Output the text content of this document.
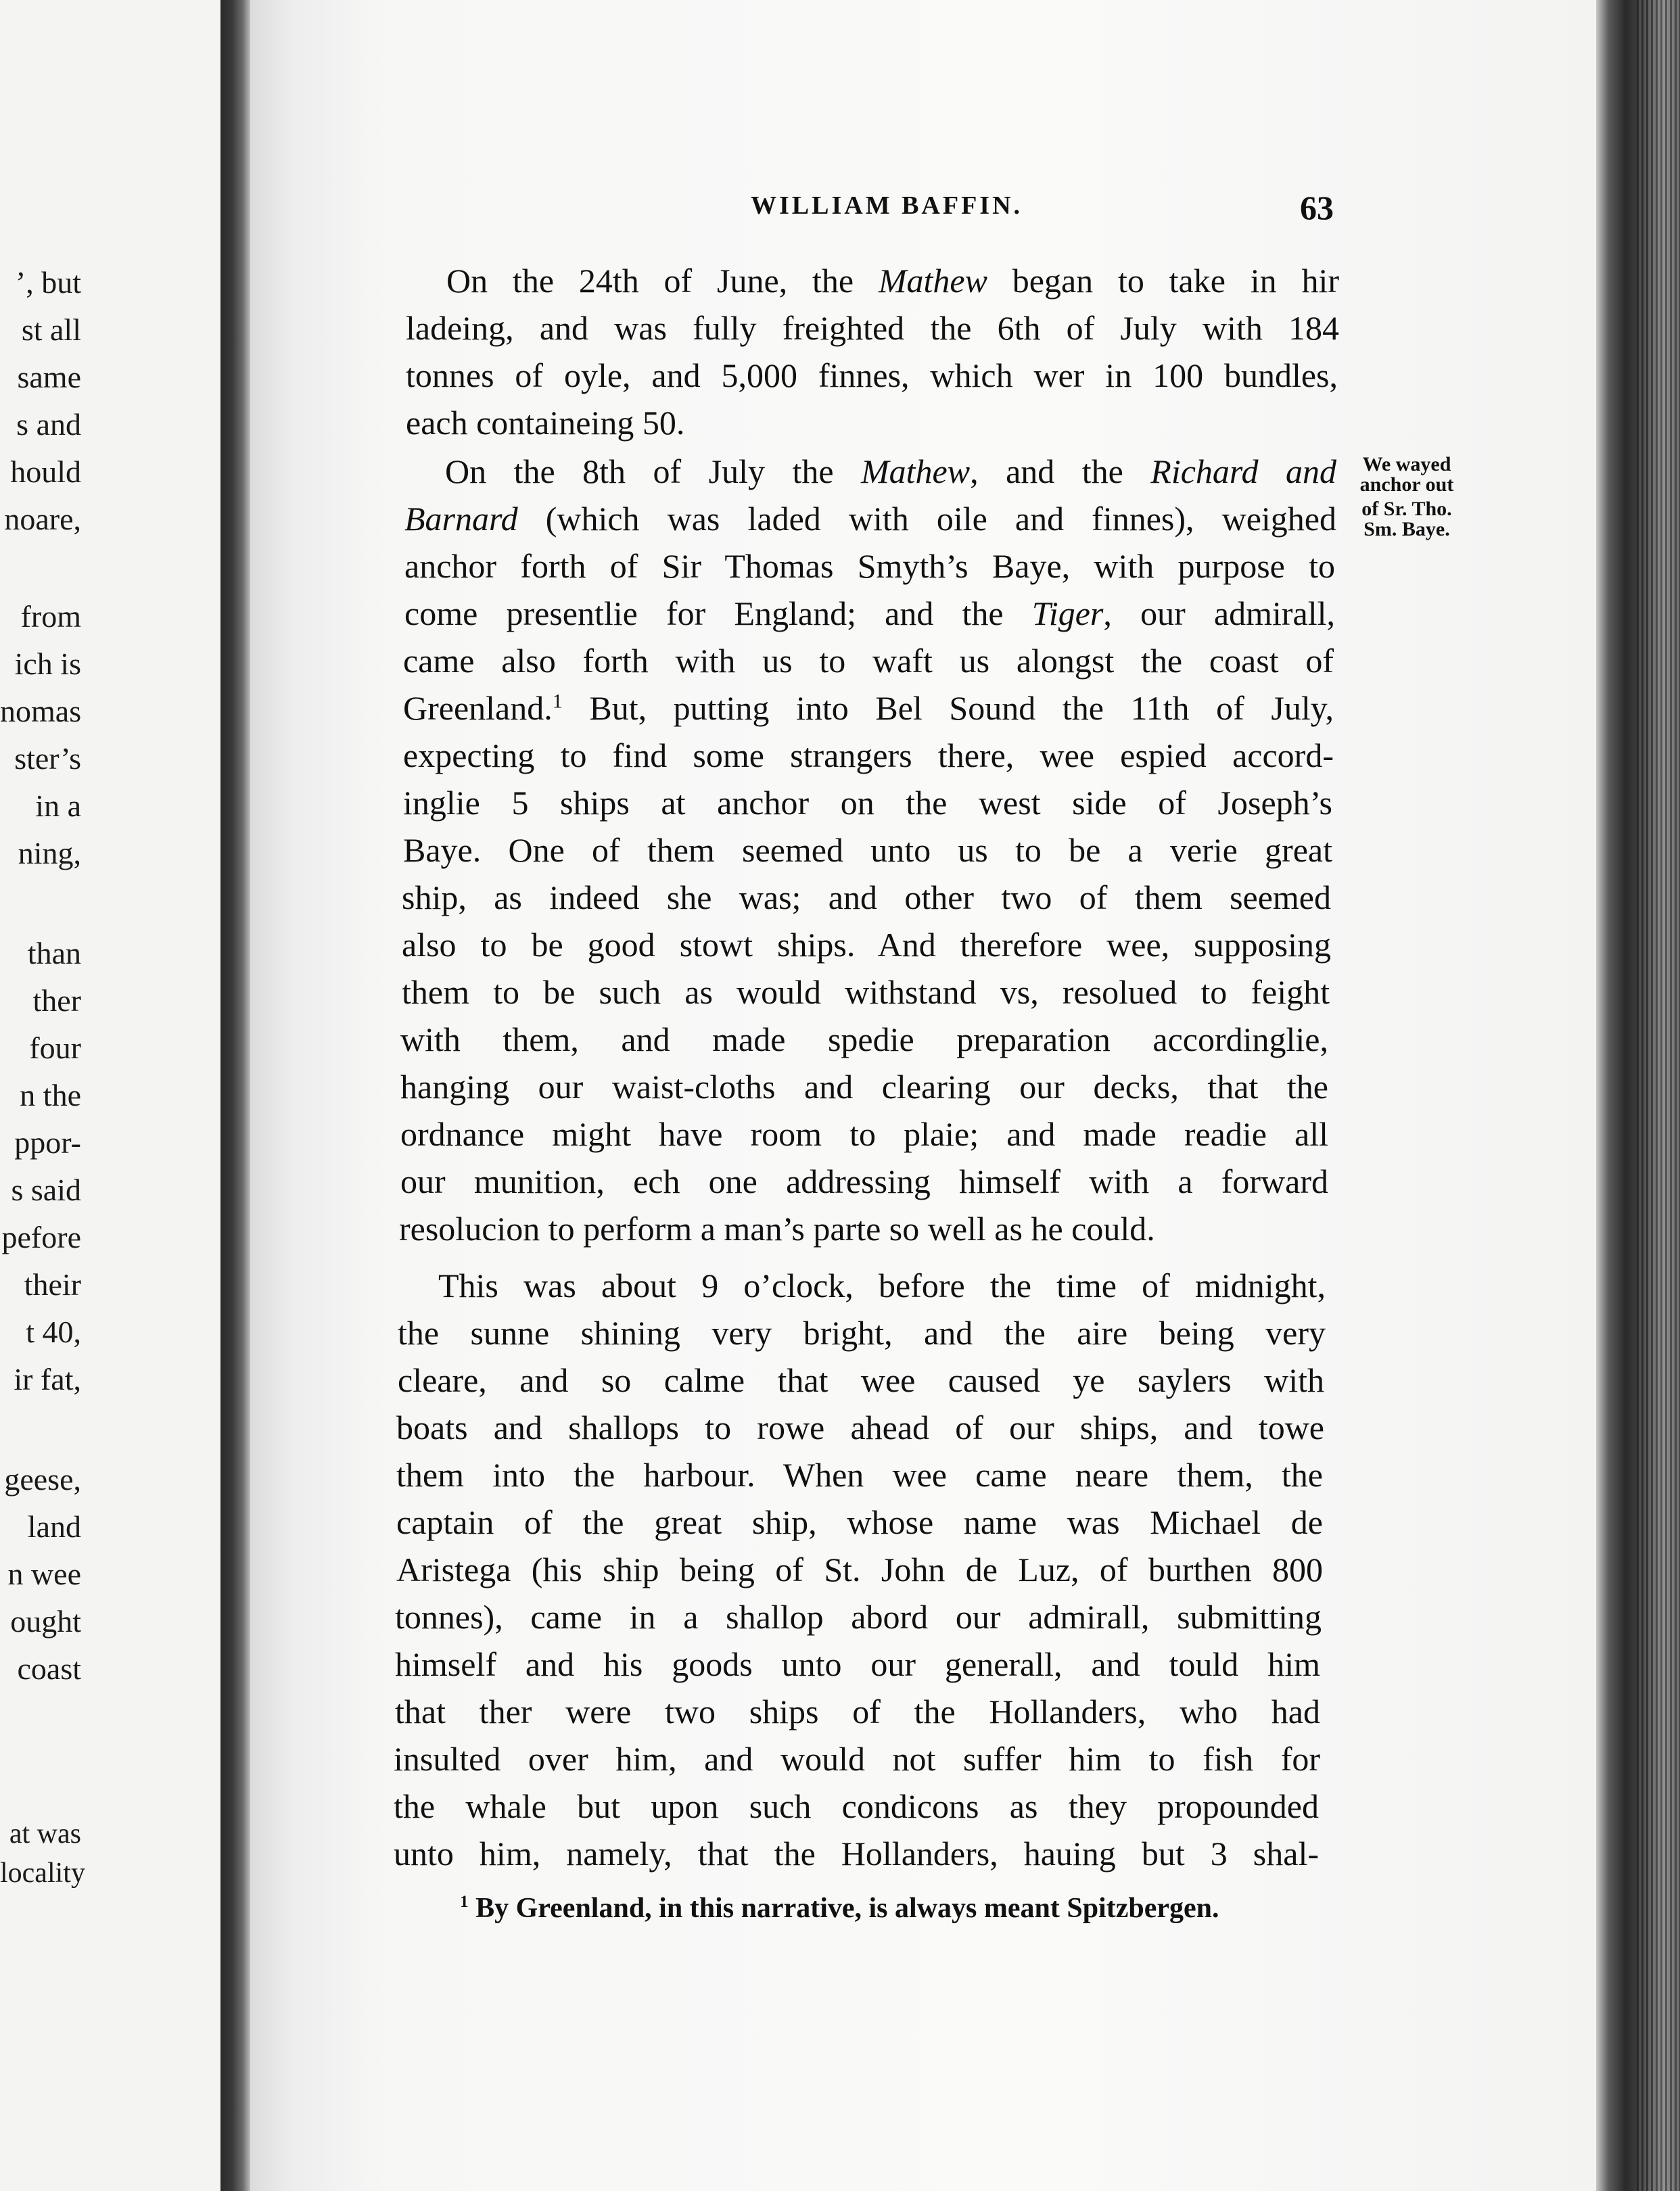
’, but
st all
same
s and
hould
noare,
from
ich is
nomas
ster’s
in a
ning,
than
ther
four
n the
ppor-
s said
pefore
their
t 40,
ir fat,
geese,
land
n wee
ought
coast
at was
locality
WILLIAM BAFFIN.	63
We wayed
anchor out
of Sr. Tho.
Sm. Baye.
On the 24th of June, the Mathew began to take in hir
ladeing, and was fully freighted the 6th of July with 184
tonnes of oyle, and 5,000 finnes, which wer in 100 bundles,
each containeing 50.
On the 8th of July the Mathew, and the Richard and
Barnard (which was laded with oile and finnes), weighed
anchor forth of Sir Thomas Smyth’s Baye, with purpose to
come presentlie for England; and the Tiger, our admirall,
came also forth with us to waft us alongst the coast of
Greenland.$^1$ But, putting into Bel Sound the 11th of July,
expecting to find some strangers there, wee espied accord-
inglie 5 ships at anchor on the west side of Joseph’s
Baye. One of them seemed unto us to be a verie great
ship, as indeed she was; and other two of them seemed
also to be good stowt ships. And therefore wee, supposing
them to be such as would withstand vs, resolued to feight
with them, and made spedie preparation accordinglie,
hanging our waist-cloths and clearing our decks, that the
ordnance might have room to plaie; and made readie all
our munition, ech one addressing himself with a forward
resolucion to perform a man’s parte so well as he could.
This was about 9 o’clock, before the time of midnight,
the sunne shining very bright, and the aire being very
cleare, and so calme that wee caused ye saylers with
boats and shallops to rowe ahead of our ships, and towe
them into the harbour. When wee came neare them, the
captain of the great ship, whose name was Michael de
Aristega (his ship being of St. John de Luz, of burthen 800
tonnes), came in a shallop abord our admirall, submitting
himself and his goods unto our generall, and tould him
that ther were two ships of the Hollanders, who had
insulted over him, and would not suffer him to fish for
the whale but upon such condicons as they propounded
unto him, namely, that the Hollanders, hauing but 3 shal-
$^1$ By Greenland, in this narrative, is always meant Spitzbergen.
